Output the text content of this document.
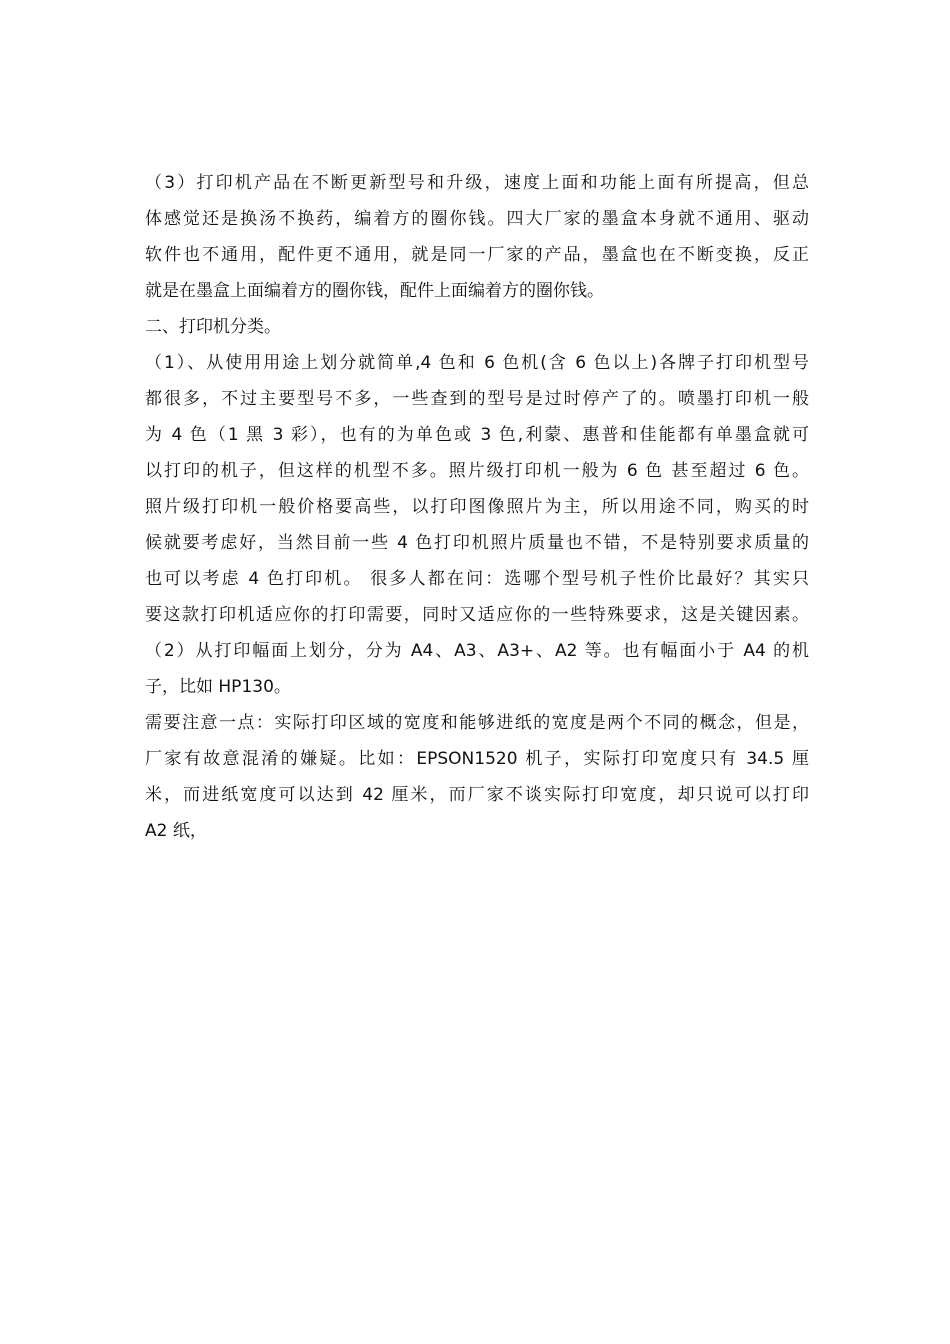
（3）打印机产品在不断更新型号和升级，速度上面和功能上面有所提高，但总
体感觉还是换汤不换药，编着方的圈你钱。四大厂家的墨盒本身就不通用、驱动
软件也不通用，配件更不通用，就是同一厂家的产品，墨盒也在不断变换，反正
就是在墨盒上面编着方的圈你钱，配件上面编着方的圈你钱。
二、打印机分类。
（1）、从使用用途上划分就简单,4 色和 6 色机(含 6 色以上)各牌子打印机型号
都很多，不过主要型号不多，一些查到的型号是过时停产了的。喷墨打印机一般
为 4 色（1 黑 3 彩），也有的为单色或 3 色,利蒙、惠普和佳能都有单墨盒就可
以打印的机子，但这样的机型不多。照片级打印机一般为 6 色 甚至超过 6 色。
照片级打印机一般价格要高些，以打印图像照片为主，所以用途不同，购买的时
候就要考虑好，当然目前一些 4 色打印机照片质量也不错，不是特别要求质量的
也可以考虑 4 色打印机。 很多人都在问：选哪个型号机子性价比最好？其实只
要这款打印机适应你的打印需要，同时又适应你的一些特殊要求，这是关键因素。
（2）从打印幅面上划分，分为 A4、A3、A3+、A2 等。也有幅面小于 A4 的机
子，比如 HP130。
需要注意一点：实际打印区域的宽度和能够进纸的宽度是两个不同的概念，但是，
厂家有故意混淆的嫌疑。比如：EPSON1520 机子，实际打印宽度只有 34.5 厘
米，而进纸宽度可以达到 42 厘米，而厂家不谈实际打印宽度，却只说可以打印
A2 纸，
